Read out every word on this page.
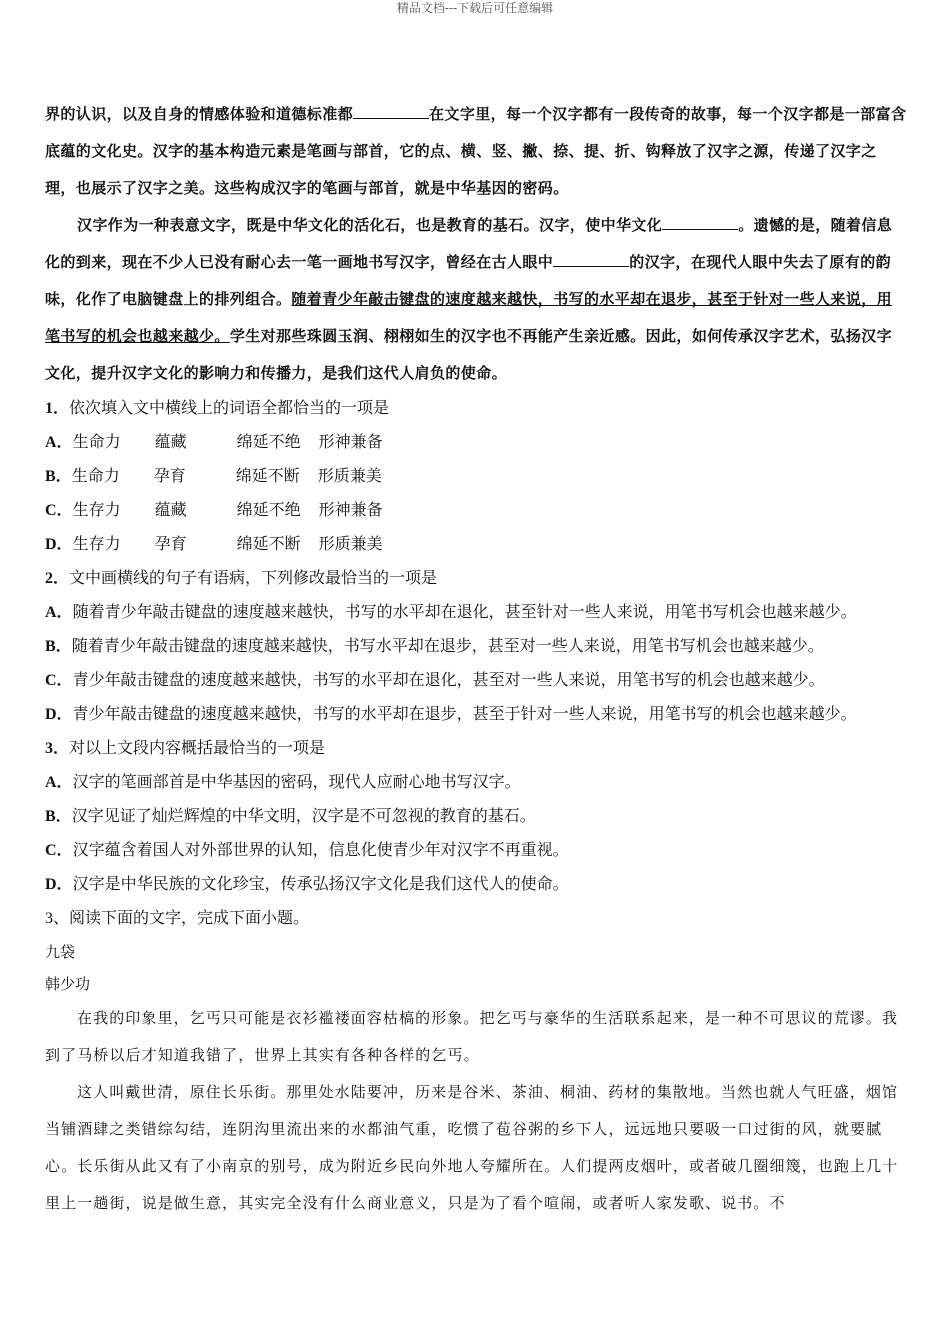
精品文档---下载后可任意编辑
界的认识，以及自身的情感体验和道德标准都	在文字里，每一个汉字都有一段传奇的故事，每一个汉字都是一部富含底蕴的文化史。汉字的基本构造元素是笔画与部首，它的点、横、竖、撇、捺、提、折、钩释放了汉字之源，传递了汉字之理，也展示了汉字之美。这些构成汉字的笔画与部首，就是中华基因的密码。
汉字作为一种表意文字，既是中华文化的活化石，也是教育的基石。汉字，使中华文化	。遗憾的是，随着信息化的到来，现在不少人已没有耐心去一笔一画地书写汉字，曾经在古人眼中	的汉字，在现代人眼中失去了原有的韵味，化作了电脑键盘上的排列组合。随着青少年敲击键盘的速度越来越快，书写的水平却在退步，甚至于针对一些人来说，用笔书写的机会也越来越少。学生对那些珠圆玉润、栩栩如生的汉字也不再能产生亲近感。因此，如何传承汉字艺术，弘扬汉字文化，提升汉字文化的影响力和传播力，是我们这代人肩负的使命。
1．依次填入文中横线上的词语全都恰当的一项是
A．生命力 蕴藏	绵延不绝 形神兼备
B．生命力 孕育	绵延不断 形质兼美
C．生存力 蕴藏	绵延不绝 形神兼备
D．生存力 孕育	绵延不断 形质兼美
2．文中画横线的句子有语病，下列修改最恰当的一项是
A．随着青少年敲击键盘的速度越来越快，书写的水平却在退化，甚至针对一些人来说，用笔书写机会也越来越少。
B．随着青少年敲击键盘的速度越来越快，书写水平却在退步，甚至对一些人来说，用笔书写机会也越来越少。
C．青少年敲击键盘的速度越来越快，书写的水平却在退化，甚至对一些人来说，用笔书写的机会也越来越少。
D．青少年敲击键盘的速度越来越快，书写的水平却在退步，甚至于针对一些人来说，用笔书写的机会也越来越少。
3．对以上文段内容概括最恰当的一项是
A．汉字的笔画部首是中华基因的密码，现代人应耐心地书写汉字。
B．汉字见证了灿烂辉煌的中华文明，汉字是不可忽视的教育的基石。
C．汉字蕴含着国人对外部世界的认知，信息化使青少年对汉字不再重视。
D．汉字是中华民族的文化珍宝，传承弘扬汉字文化是我们这代人的使命。
3、阅读下面的文字，完成下面小题。
九袋
韩少功
在我的印象里，乞丐只可能是衣衫褴褛面容枯槁的形象。把乞丐与豪华的生活联系起来，是一种不可思议的荒谬。我到了马桥以后才知道我错了，世界上其实有各种各样的乞丐。
这人叫戴世清，原住长乐街。那里处水陆要冲，历来是谷米、茶油、桐油、药材的集散地。当然也就人气旺盛，烟馆当铺酒肆之类错综勾结，连阴沟里流出来的水都油气重，吃惯了苞谷粥的乡下人，远远地只要吸一口过街的风，就要腻心。长乐街从此又有了小南京的别号，成为附近乡民向外地人夸耀所在。人们提两皮烟叶，或者破几圈细篾，也跑上几十里上一趟街，说是做生意，其实完全没有什么商业意义，只是为了看个喧闹，或者听人家发歌、说书。不
